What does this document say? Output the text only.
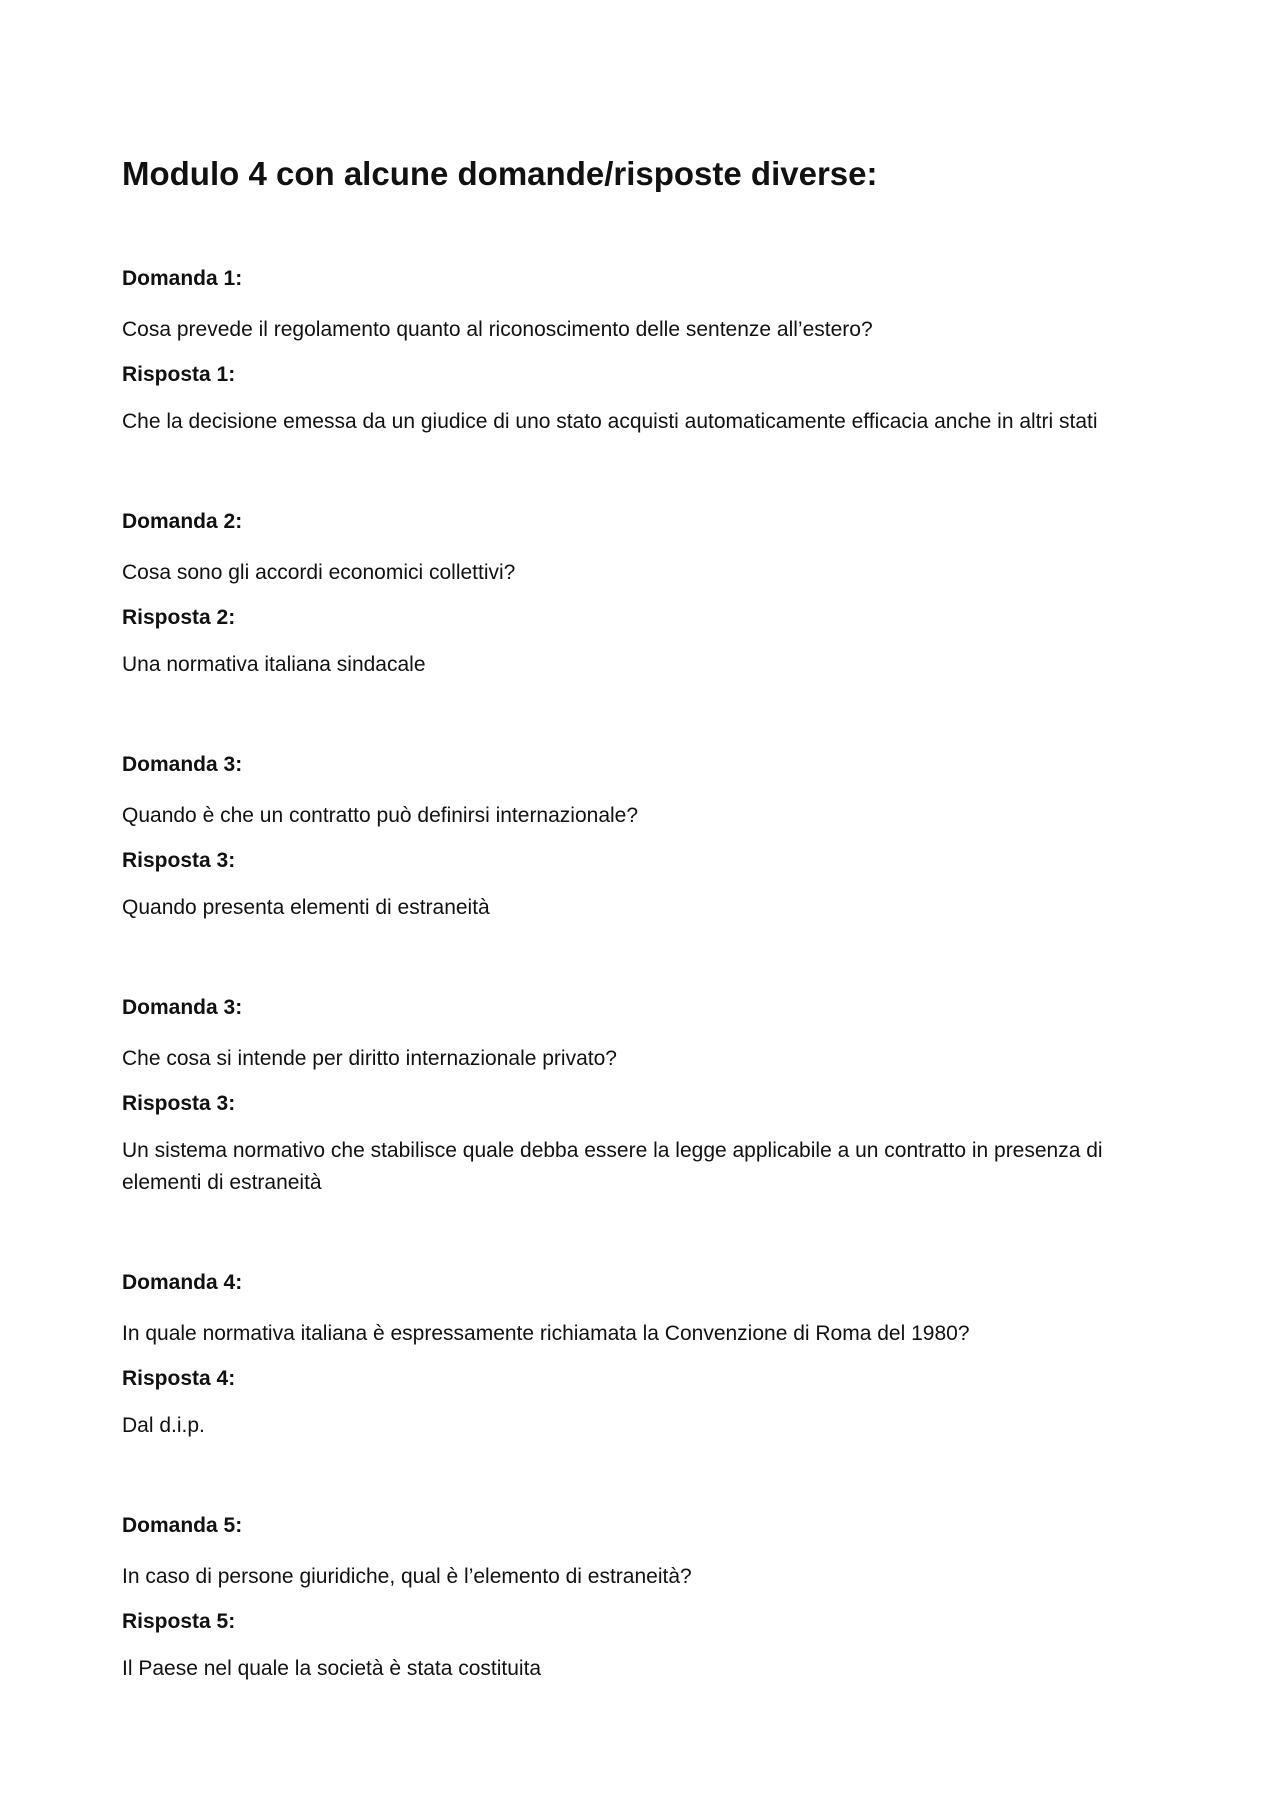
Modulo 4 con alcune domande/risposte diverse:

Domanda 1:

Cosa prevede il regolamento quanto al riconoscimento delle sentenze all’estero?

Risposta 1:

Che la decisione emessa da un giudice di uno stato acquisti automaticamente efficacia anche in altri stati

Domanda 2:

Cosa sono gli accordi economici collettivi?

Risposta 2:

Una normativa italiana sindacale

Domanda 3:

Quando è che un contratto può definirsi internazionale?

Risposta 3:

Quando presenta elementi di estraneità

Domanda 3:

Che cosa si intende per diritto internazionale privato?

Risposta 3:

Un sistema normativo che stabilisce quale debba essere la legge applicabile a un contratto in presenza di elementi di estraneità

Domanda 4:

In quale normativa italiana è espressamente richiamata la Convenzione di Roma del 1980?

Risposta 4:

Dal d.i.p.

Domanda 5:

In caso di persone giuridiche, qual è l’elemento di estraneità?

Risposta 5:

Il Paese nel quale la società è stata costituita
